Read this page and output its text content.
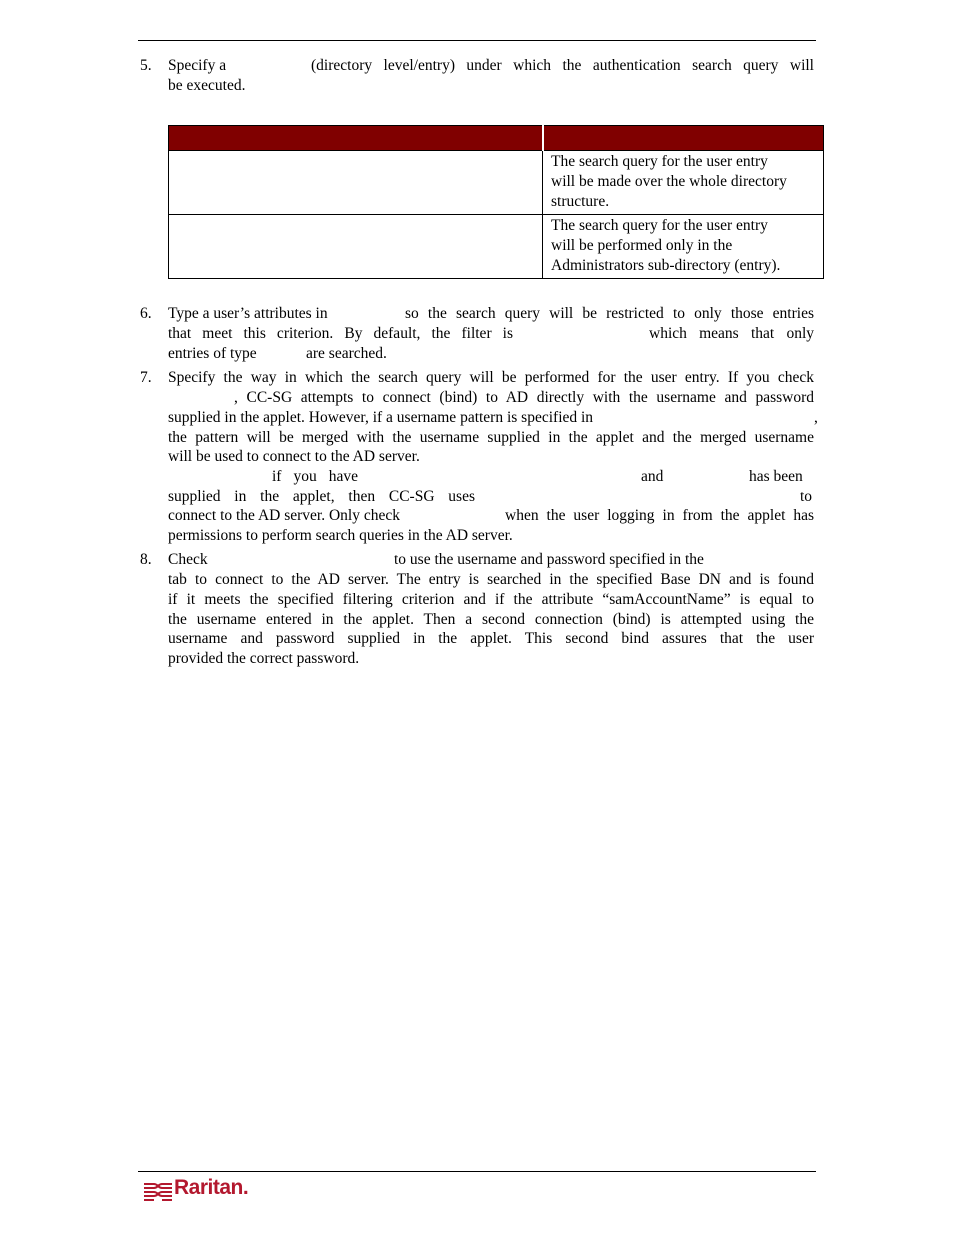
5. Specify a	(directory level/entry) under which the authentication search query will
be executed.

	The search query for the user entry
will be made over the whole directory
structure.

	The search query for the user entry
will be performed only in the
Administrators sub-directory (entry).
6. Type a user’s attributes in	so the search query will be restricted to only those entries
that meet this criterion. By default, the filter is	which means that only
entries of type	are searched.
7. Specify the way in which the search query will be performed for the user entry. If you check
, CC-SG attempts to connect (bind) to AD directly with the username and password
supplied in the applet. However, if a username pattern is specified in	,
the pattern will be merged with the username supplied in the applet and the merged username
will be used to connect to the AD server.
if you have	and	has been
supplied in the applet, then CC-SG uses	to
connect to the AD server. Only check	when the user logging in from the applet has
permissions to perform search queries in the AD server.
8. Check	to use the username and password specified in the
tab to connect to the AD server. The entry is searched in the specified Base DN and is found
if it meets the specified filtering criterion and if the attribute “samAccountName” is equal to
the username entered in the applet. Then a second connection (bind) is attempted using the
username and password supplied in the applet. This second bind assures that the user
provided the correct password.
Raritan.
